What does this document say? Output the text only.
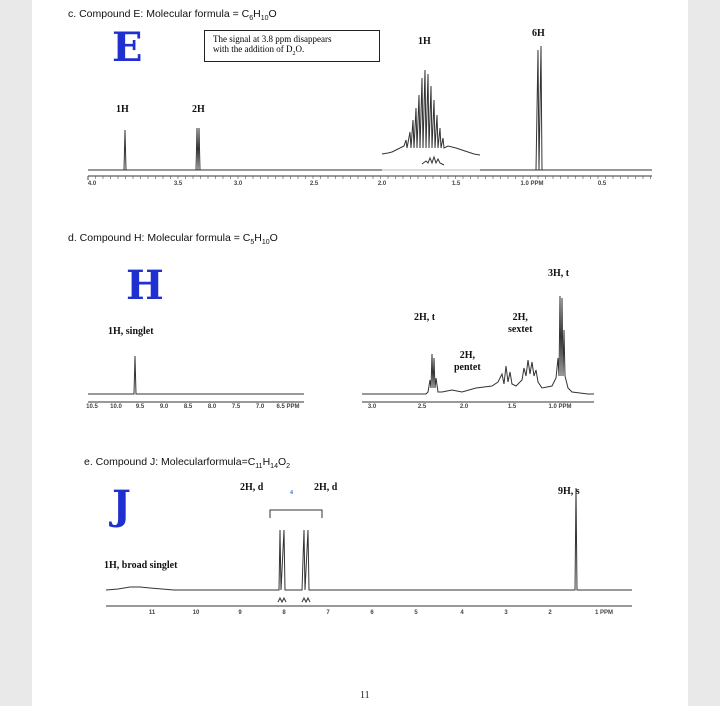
c. Compound E: Molecular formula = $C_6H_{10}O$
E	The signal at 3.8 ppm disappears
with the addition of $D_2O$.
1H	2H
1H
6H
4.0	3.5	3.0	2.5	2.0	1.5	1.0 PPM	0.5
d. Compound H: Molecular formula = $C_5H_{10}O$
H
1H, singlet
2H, t
2H,
pentet
2H,
sextet
3H, t
10.5 10.0 9.5	9.0	8.5	8.0	7.5	7.0 6.5 PPM	3.0	2.5	2.0	1.5	1.0 PPM
e. Compound J: $Molecularformula=C_{11}H_{14}O_2$
J	2H, d	2H, d
4	9H, s
1H, broad singlet
11	10	9	8	7	6	5	4	3	2	1 PPM
11
